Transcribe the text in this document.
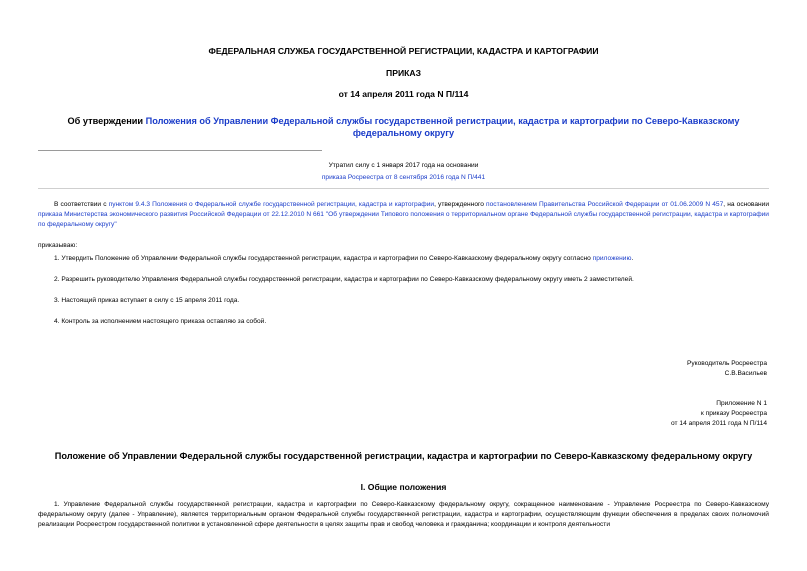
ФЕДЕРАЛЬНАЯ СЛУЖБА ГОСУДАРСТВЕННОЙ РЕГИСТРАЦИИ, КАДАСТРА И КАРТОГРАФИИ
ПРИКАЗ
от 14 апреля 2011 года N П/114
Об утверждении Положения об Управлении Федеральной службы государственной регистрации, кадастра и картографии по Северо-Кавказскому федеральному округу
Утратил силу с 1 января 2017 года на основании
приказа Росреестра от 8 сентября 2016 года N П/441
В соответствии с пунктом 9.4.3 Положения о Федеральной службе государственной регистрации, кадастра и картографии, утвержденного постановлением Правительства Российской Федерации от 01.06.2009 N 457, на основании приказа Министерства экономического развития Российской Федерации от 22.12.2010 N 661 "Об утверждении Типового положения о территориальном органе Федеральной службы государственной регистрации, кадастра и картографии по федеральному округу"
приказываю:
1. Утвердить Положение об Управлении Федеральной службы государственной регистрации, кадастра и картографии по Северо-Кавказскому федеральному округу согласно приложению.
2. Разрешить руководителю Управления Федеральной службы государственной регистрации, кадастра и картографии по Северо-Кавказскому федеральному округу иметь 2 заместителей.
3. Настоящий приказ вступает в силу с 15 апреля 2011 года.
4. Контроль за исполнением настоящего приказа оставляю за собой.
Руководитель Росреестра
С.В.Васильев
Приложение N 1
к приказу Росреестра
от 14 апреля 2011 года N П/114
Положение об Управлении Федеральной службы государственной регистрации, кадастра и картографии по Северо-Кавказскому федеральному округу
I. Общие положения
1. Управление Федеральной службы государственной регистрации, кадастра и картографии по Северо-Кавказскому федеральному округу, сокращенное наименование - Управление Росреестра по Северо-Кавказскому федеральному округу (далее - Управление), является территориальным органом Федеральной службы государственной регистрации, кадастра и картографии, осуществляющим функции обеспечения в пределах своих полномочий реализации Росреестром государственной политики в установленной сфере деятельности в целях защиты прав и свобод человека и гражданина; координации и контроля деятельности
